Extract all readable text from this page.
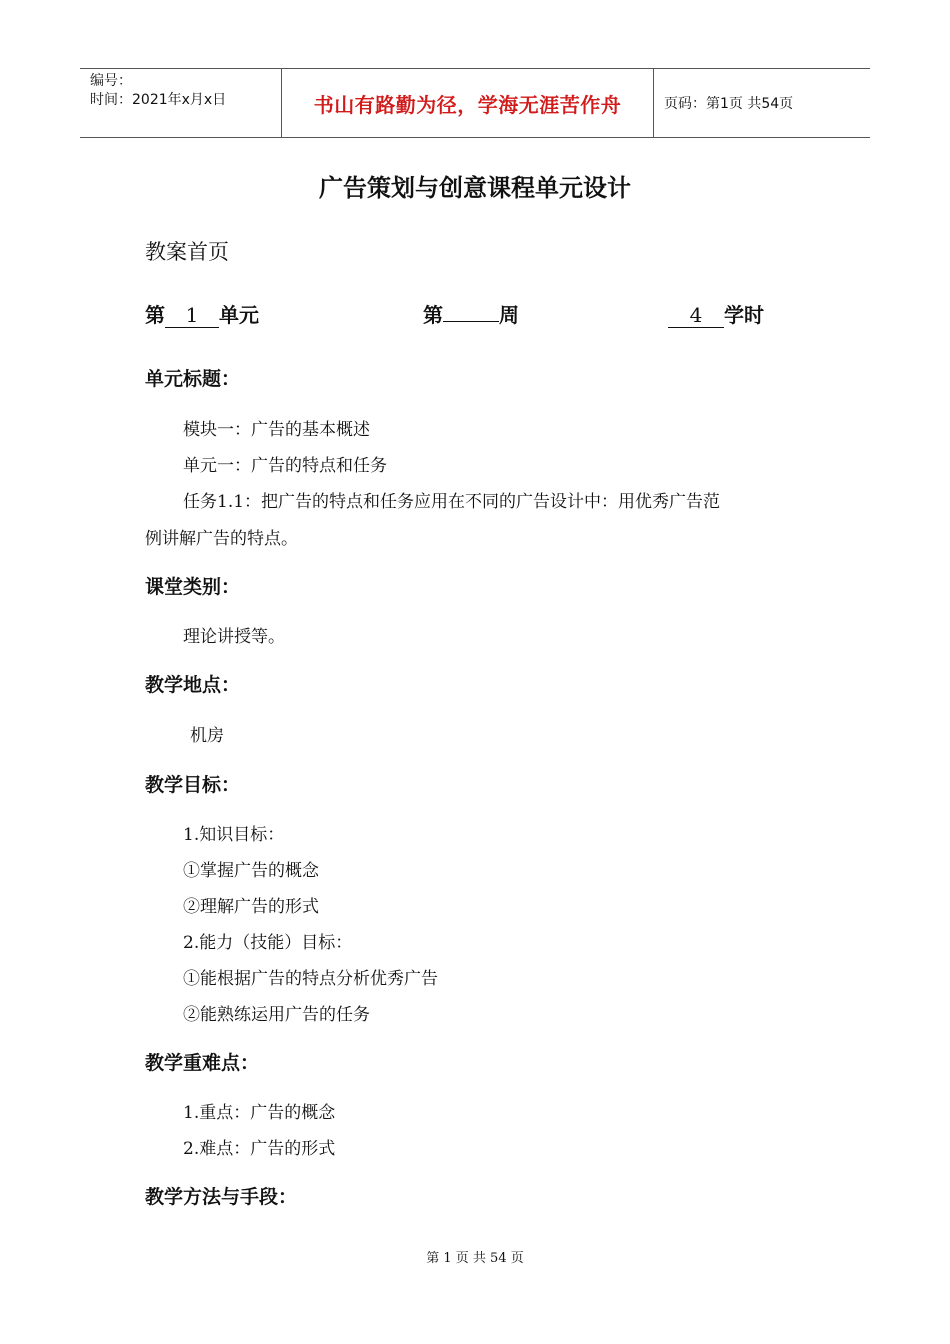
编号：
时间：2021年x月x日	书山有路勤为径，学海无涯苦作舟	页码：第1页 共54页
广告策划与创意课程单元设计
教案首页
第 1 单元	第	周	4 学时
单元标题：
模块一：广告的基本概述
单元一：广告的特点和任务
任务1.1：把广告的特点和任务应用在不同的广告设计中：用优秀广告范
例讲解广告的特点。
课堂类别：
理论讲授等。
教学地点：
机房
教学目标：
1.知识目标：
①掌握广告的概念
②理解广告的形式
2.能力（技能）目标：
①能根据广告的特点分析优秀广告
②能熟练运用广告的任务
教学重难点：
1.重点：广告的概念
2.难点：广告的形式
教学方法与手段：
第 1 页 共 54 页
